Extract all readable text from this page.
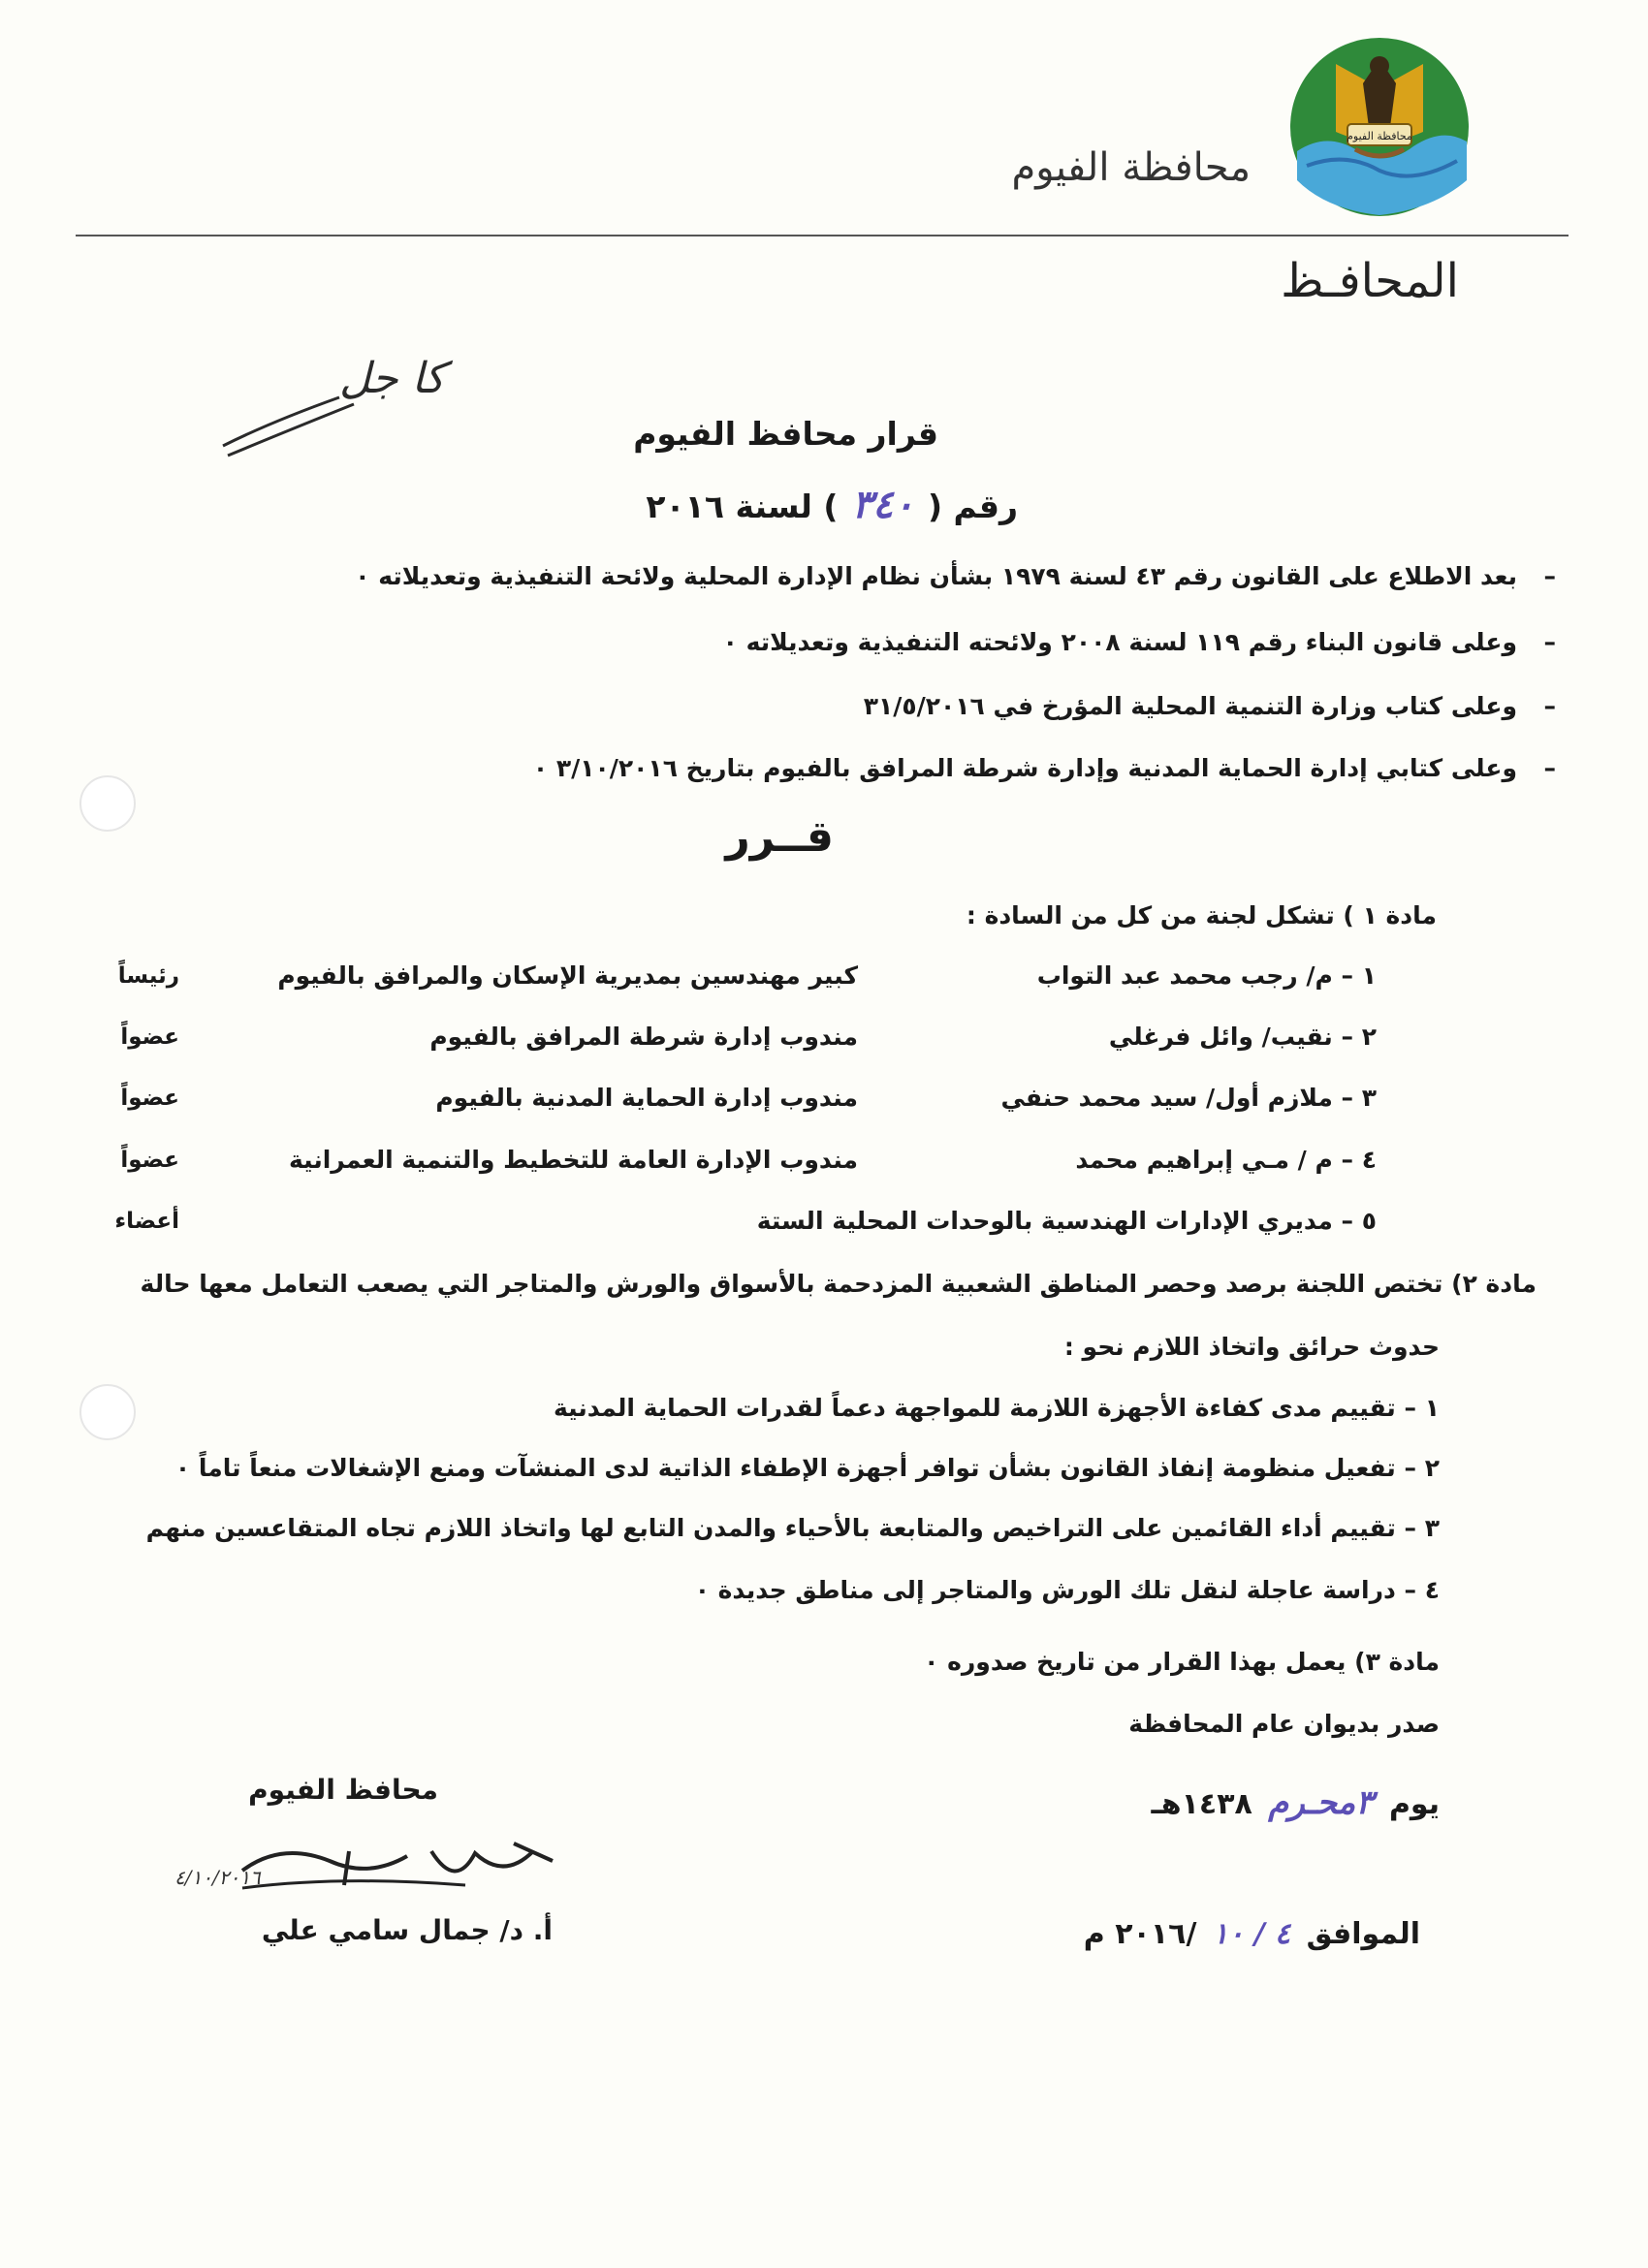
محافظة الفيوم
محافظة الفيوم
المحافـظ
كا جل
قرار محافظ الفيوم
رقم (٣٤٠) لسنة ٢٠١٦
–بعد الاطلاع على القانون رقم ٤٣ لسنة ١٩٧٩ بشأن نظام الإدارة المحلية ولائحة التنفيذية وتعديلاته ٠
–وعلى قانون البناء رقم ١١٩ لسنة ٢٠٠٨ ولائحته التنفيذية وتعديلاته ٠
–وعلى كتاب وزارة التنمية المحلية المؤرخ في ٣١/٥/٢٠١٦
–وعلى كتابي إدارة الحماية المدنية وإدارة شرطة المرافق بالفيوم بتاريخ ٣/١٠/٢٠١٦ ٠
قــرر
مادة ١ ) تشكل لجنة من كل من السادة :
١ – م/ رجب محمد عبد التواب
كبير مهندسين بمديرية الإسكان والمرافق بالفيوم
رئيساً
٢ – نقيب/ وائل فرغلي
مندوب إدارة شرطة المرافق بالفيوم
عضواً
٣ – ملازم أول/ سيد محمد حنفي
مندوب إدارة الحماية المدنية بالفيوم
عضواً
٤ – م / مـي إبراهيم محمد
مندوب الإدارة العامة للتخطيط والتنمية العمرانية
عضواً
٥ – مديري الإدارات الهندسية بالوحدات المحلية الستة
أعضاء
مادة ٢) تختص اللجنة برصد وحصر المناطق الشعبية المزدحمة بالأسواق والورش والمتاجر التي يصعب التعامل معها حالة
حدوث حرائق واتخاذ اللازم نحو :
١ – تقييم مدى كفاءة الأجهزة اللازمة للمواجهة دعماً لقدرات الحماية المدنية
٢ – تفعيل منظومة إنفاذ القانون بشأن توافر أجهزة الإطفاء الذاتية لدى المنشآت ومنع الإشغالات منعاً تاماً ٠
٣ – تقييم أداء القائمين على التراخيص والمتابعة بالأحياء والمدن التابع لها واتخاذ اللازم تجاه المتقاعسين منهم
٤ – دراسة عاجلة لنقل تلك الورش والمتاجر إلى مناطق جديدة ٠
مادة ٣) يعمل بهذا القرار من تاريخ صدوره ٠
صدر بديوان عام المحافظة
يوم ٣محـرم ١٤٣٨هـ
الموافق ٤ / ١٠ /٢٠١٦ م
محافظ الفيوم
أ. د/ جمال سامي علي
٤/١٠/٢٠١٦
